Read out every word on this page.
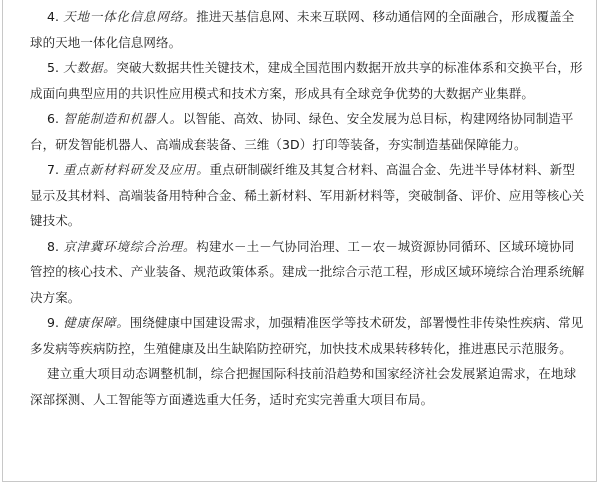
4. 天地一体化信息网络。推进天基信息网、未来互联网、移动通信网的全面融合，形成覆盖全球的天地一体化信息网络。

5. 大数据。突破大数据共性关键技术，建成全国范围内数据开放共享的标准体系和交换平台，形成面向典型应用的共识性应用模式和技术方案，形成具有全球竞争优势的大数据产业集群。

6. 智能制造和机器人。以智能、高效、协同、绿色、安全发展为总目标，构建网络协同制造平台，研发智能机器人、高端成套装备、三维（3D）打印等装备，夯实制造基础保障能力。

7. 重点新材料研发及应用。重点研制碳纤维及其复合材料、高温合金、先进半导体材料、新型显示及其材料、高端装备用特种合金、稀土新材料、军用新材料等，突破制备、评价、应用等核心关键技术。

8. 京津冀环境综合治理。构建水－土－气协同治理、工－农－城资源协同循环、区域环境协同管控的核心技术、产业装备、规范政策体系。建成一批综合示范工程，形成区域环境综合治理系统解决方案。

9. 健康保障。围绕健康中国建设需求，加强精准医学等技术研发，部署慢性非传染性疾病、常见多发病等疾病防控，生殖健康及出生缺陷防控研究，加快技术成果转移转化，推进惠民示范服务。

建立重大项目动态调整机制，综合把握国际科技前沿趋势和国家经济社会发展紧迫需求，在地球深部探测、人工智能等方面遴选重大任务，适时充实完善重大项目布局。
